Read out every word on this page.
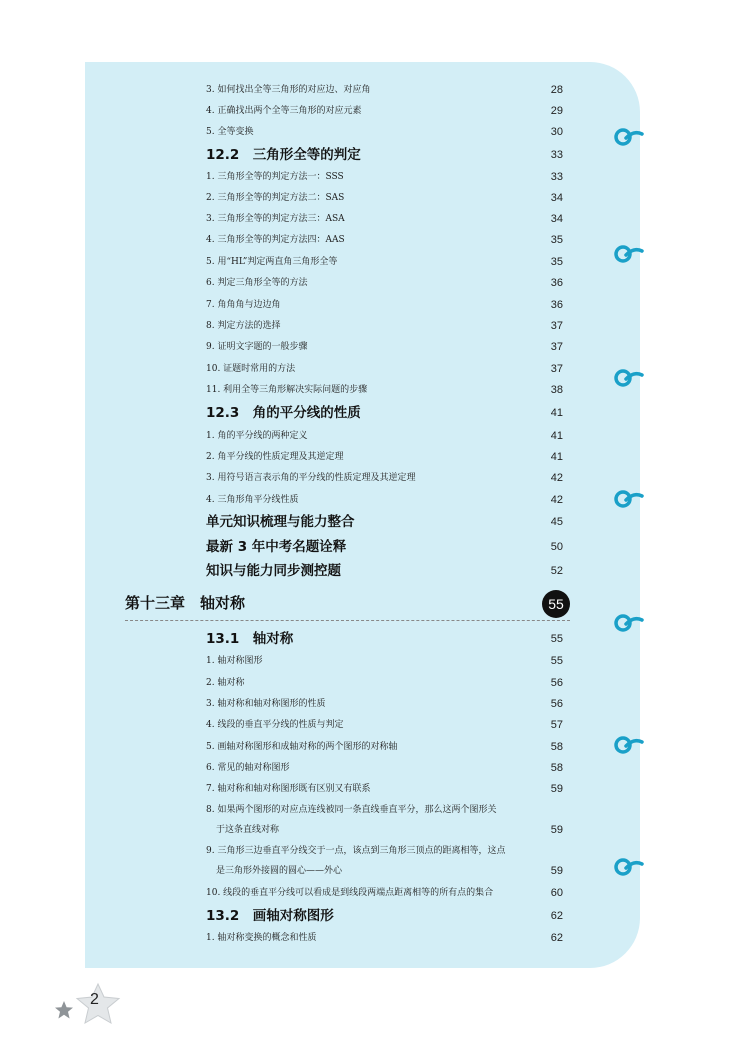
3. 如何找出全等三角形的对应边、对应角	28
4. 正确找出两个全等三角形的对应元素	29
5. 全等变换	30
12.2　三角形全等的判定	33
1. 三角形全等的判定方法一：SSS	33
2. 三角形全等的判定方法二：SAS	34
3. 三角形全等的判定方法三：ASA	34
4. 三角形全等的判定方法四：AAS	35
5. 用“HL”判定两直角三角形全等	35
6. 判定三角形全等的方法	36
7. 角角角与边边角	36
8. 判定方法的选择	37
9. 证明文字题的一般步骤	37
10. 证题时常用的方法	37
11. 利用全等三角形解决实际问题的步骤	38
12.3　角的平分线的性质	41
1. 角的平分线的两种定义	41
2. 角平分线的性质定理及其逆定理	41
3. 用符号语言表示角的平分线的性质定理及其逆定理	42
4. 三角形角平分线性质	42
单元知识梳理与能力整合	45
最新 3 年中考名题诠释	50
知识与能力同步测控题	52
第十三章　轴对称	55
13.1　轴对称	55
1. 轴对称图形	55
2. 轴对称	56
3. 轴对称和轴对称图形的性质	56
4. 线段的垂直平分线的性质与判定	57
5. 画轴对称图形和成轴对称的两个图形的对称轴	58
6. 常见的轴对称图形	58
7. 轴对称和轴对称图形既有区别又有联系	59
8. 如果两个图形的对应点连线被同一条直线垂直平分，那么这两个图形关
于这条直线对称	59
9. 三角形三边垂直平分线交于一点，该点到三角形三顶点的距离相等，这点
是三角形外接圆的圆心——外心	59
10. 线段的垂直平分线可以看成是到线段两端点距离相等的所有点的集合	60
13.2　画轴对称图形	62
1. 轴对称变换的概念和性质	62
2
